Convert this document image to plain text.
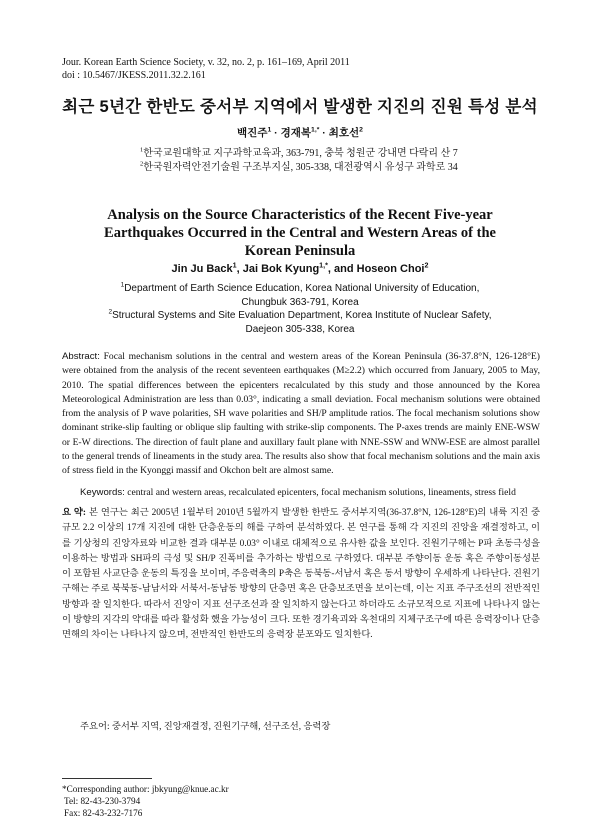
Jour. Korean Earth Science Society, v. 32, no. 2, p. 161–169, April 2011
doi : 10.5467/JKESS.2011.32.2.161
최근 5년간 한반도 중서부 지역에서 발생한 지진의 진원 특성 분석
백진주$^1$ · 경재복$^{1,*}$ · 최호선$^2$
$^1$한국교원대학교 지구과학교육과, 363-791, 충북 청원군 강내면 다락리 산 7
$^2$한국원자력안전기술원 구조부지실, 305-338, 대전광역시 유성구 과학로 34
Analysis on the Source Characteristics of the Recent Five-year
Earthquakes Occurred in the Central and Western Areas of the
Korean Peninsula
Jin Ju Back$^1$, Jai Bok Kyung$^{1,*}$, and Hoseon Choi$^2$
$^1$Department of Earth Science Education, Korea National University of Education,
Chungbuk 363-791, Korea
$^2$Structural Systems and Site Evaluation Department, Korea Institute of Nuclear Safety,
Daejeon 305-338, Korea
Abstract: Focal mechanism solutions in the central and western areas of the Korean Peninsula (36-37.8°N, 126-128°E) were obtained from the analysis of the recent seventeen earthquakes (M≥2.2) which occurred from January, 2005 to May, 2010. The spatial differences between the epicenters recalculated by this study and those announced by the Korea Meteorological Administration are less than 0.03°, indicating a small deviation. Focal mechanism solutions were obtained from the analysis of P wave polarities, SH wave polarities and SH/P amplitude ratios. The focal mechanism solutions show dominant strike-slip faulting or oblique slip faulting with strike-slip components. The P-axes trends are mainly ENE-WSW or E-W directions. The direction of fault plane and auxillary fault plane with NNE-SSW and WNW-ESE are almost parallel to the general trends of lineaments in the study area. The results also show that focal mechanism solutions and the main axis of stress field in the Kyonggi massif and Okchon belt are almost same.
Keywords: central and western areas, recalculated epicenters, focal mechanism solutions, lineaments, stress field
요 약: 본 연구는 최근 2005년 1월부터 2010년 5월까지 발생한 한반도 중서부지역(36-37.8°N, 126-128°E)의 내륙 지진 중 규모 2.2 이상의 17개 지진에 대한 단층운동의 해를 구하여 분석하였다. 본 연구를 통해 각 지진의 진앙을 재결정하고, 이를 기상청의 진앙자료와 비교한 결과 대부분 0.03° 이내로 대체적으로 유사한 값을 보인다. 진원기구해는 P파 초동극성을 이용하는 방법과 SH파의 극성 및 SH/P 진폭비를 추가하는 방법으로 구하였다. 대부분 주향이동 운동 혹은 주향이동성분이 포함된 사교단층 운동의 특징을 보이며, 주응력축의 P축은 동북동-서남서 혹은 동서 방향이 우세하게 나타난다. 진원기구해는 주로 북북동-남남서와 서북서-동남동 방향의 단층면 혹은 단층보조면을 보이는데, 이는 지표 주구조선의 전반적인 방향과 잘 일치한다. 따라서 진앙이 지표 선구조선과 잘 일치하지 않는다고 하더라도 소규모적으로 지표에 나타나지 않는 이 방향의 지각의 약대를 따라 활성화 했을 가능성이 크다. 또한 경기육괴와 옥천대의 지체구조구에 따른 응력장이나 단층면해의 차이는 나타나지 않으며, 전반적인 한반도의 응력장 분포와도 일치한다.
주요어: 중서부 지역, 진앙재결정, 진원기구해, 선구조선, 응력장
*Corresponding author: jbkyung@knue.ac.kr
Tel: 82-43-230-3794
Fax: 82-43-232-7176
